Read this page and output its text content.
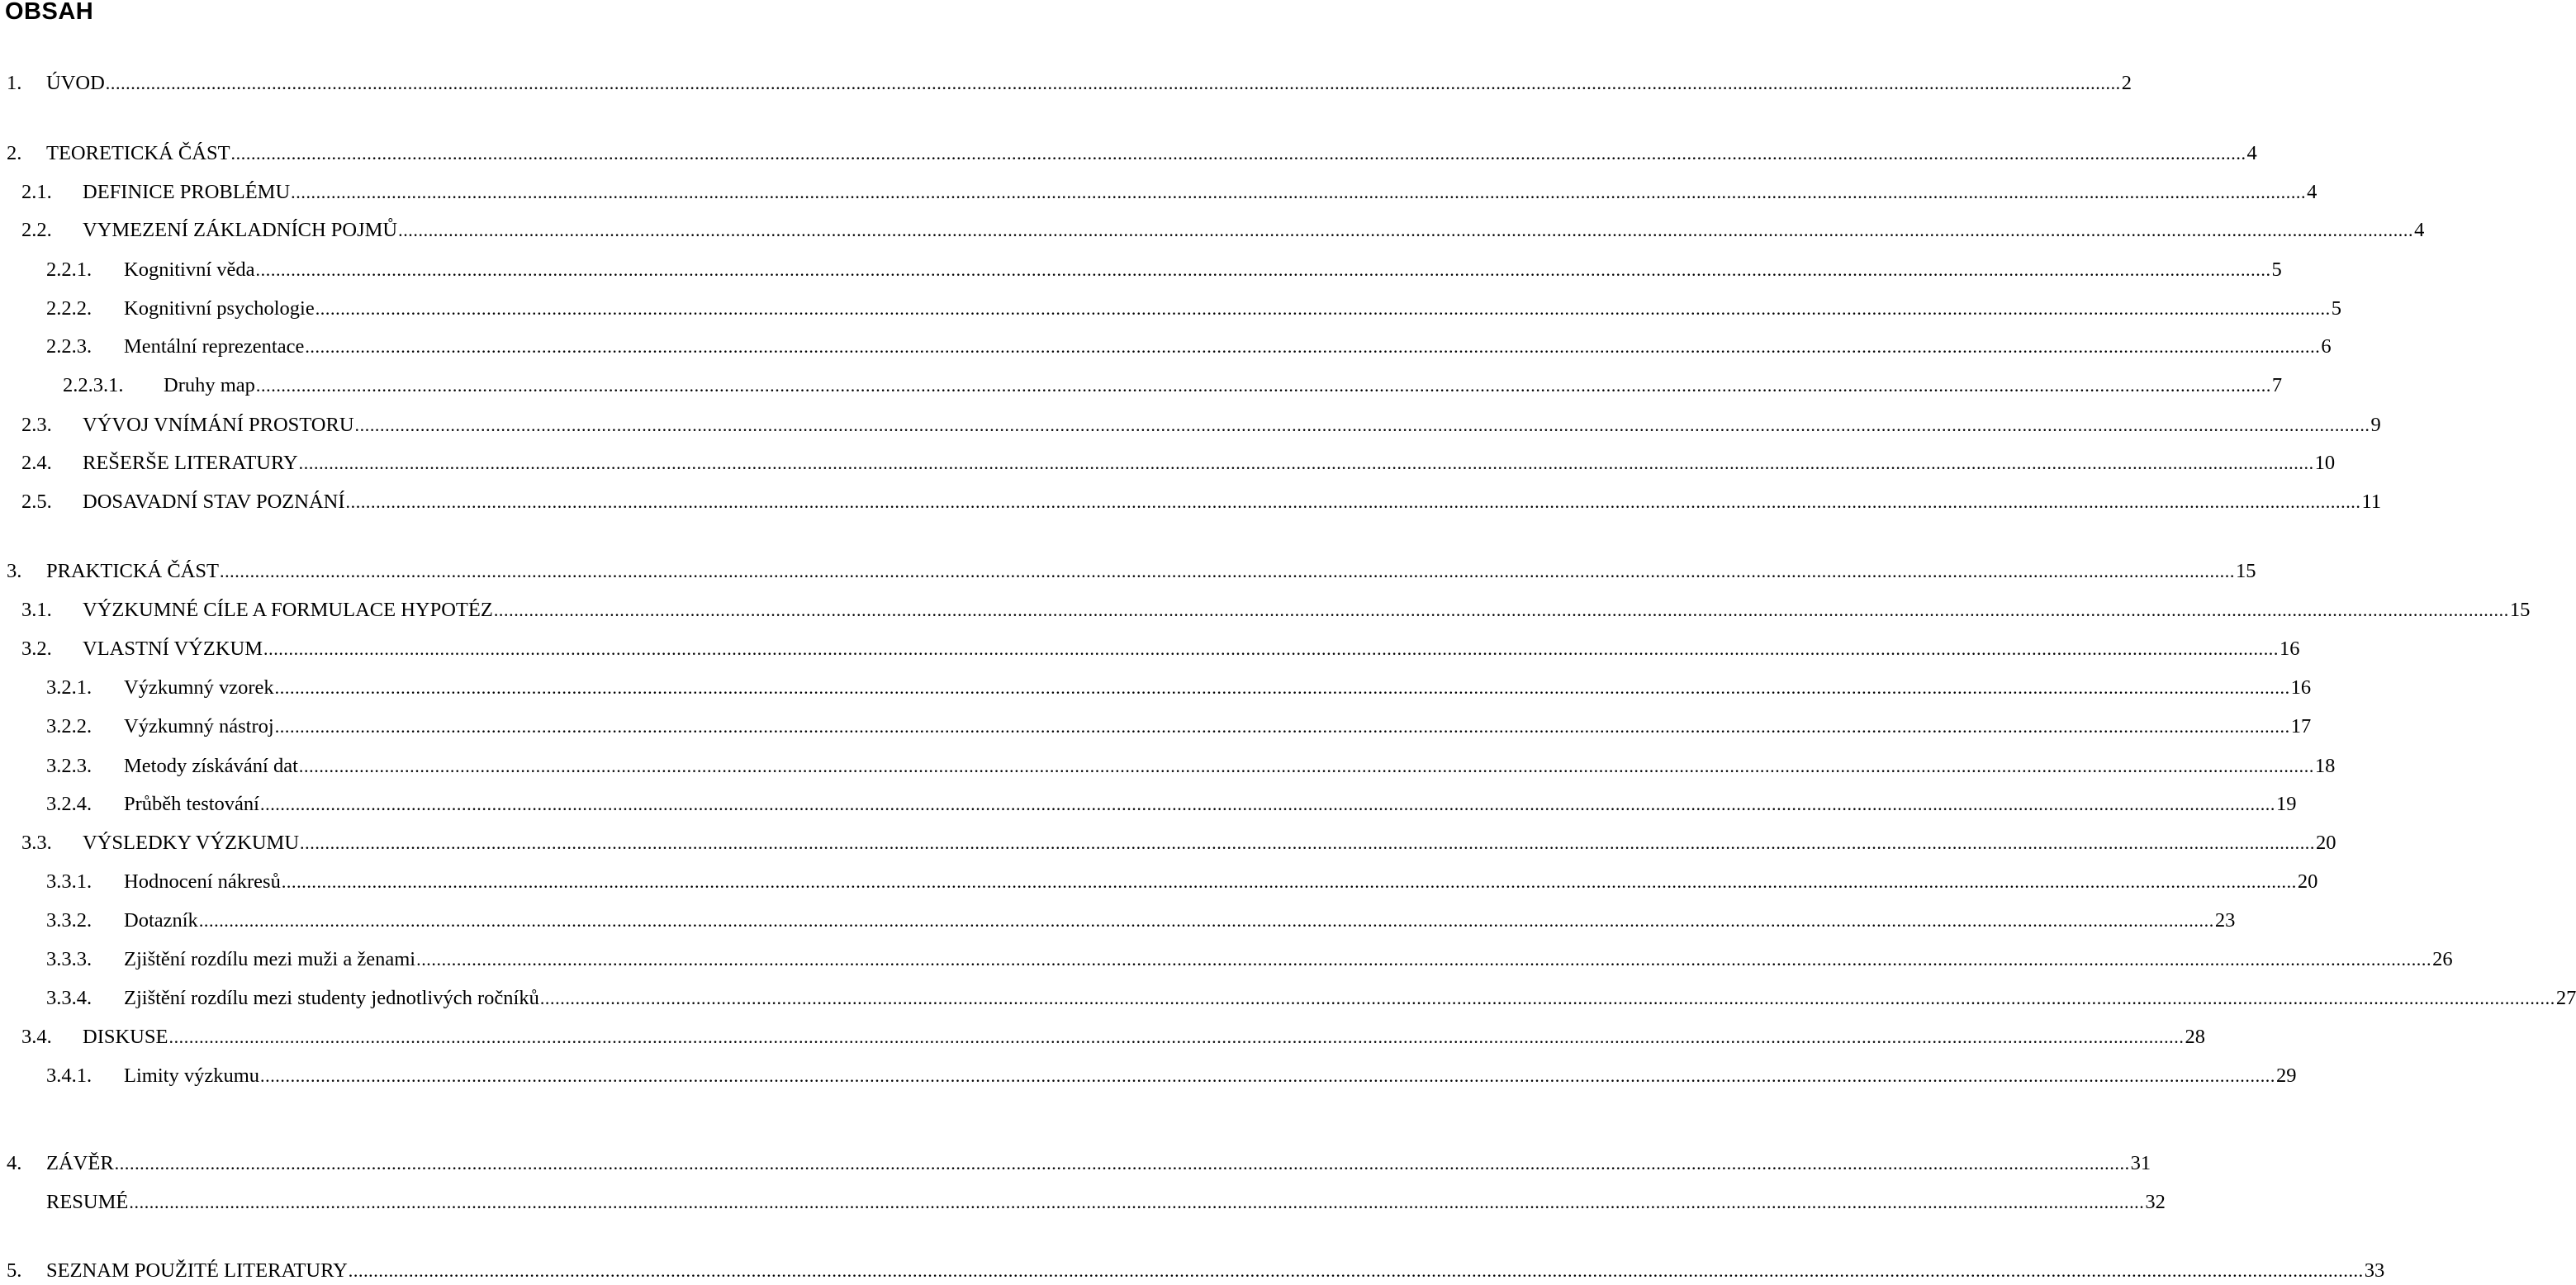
OBSAH
1.	ÚVOD ................................................................................................................................................................................................................................................................................................................................................................................................................ 2
2.	TEORETICKÁ ČÁST ................................................................................................................................................................................................................................................................................................................................................................................................................ 4
2.1.	DEFINICE PROBLÉMU ................................................................................................................................................................................................................................................................................................................................................................................................................ 4
2.2.	VYMEZENÍ ZÁKLADNÍCH POJMŮ ................................................................................................................................................................................................................................................................................................................................................................................................................ 4
2.2.1.	Kognitivní věda ................................................................................................................................................................................................................................................................................................................................................................................................................ 5
2.2.2.	Kognitivní psychologie ................................................................................................................................................................................................................................................................................................................................................................................................................ 5
2.2.3.	Mentální reprezentace ................................................................................................................................................................................................................................................................................................................................................................................................................ 6
2.2.3.1.	Druhy map ................................................................................................................................................................................................................................................................................................................................................................................................................ 7
2.3.	VÝVOJ VNÍMÁNÍ PROSTORU ................................................................................................................................................................................................................................................................................................................................................................................................................ 9
2.4.	REŠERŠE LITERATURY ................................................................................................................................................................................................................................................................................................................................................................................................................ 10
2.5.	DOSAVADNÍ STAV POZNÁNÍ ................................................................................................................................................................................................................................................................................................................................................................................................................ 11
3.	PRAKTICKÁ ČÁST ................................................................................................................................................................................................................................................................................................................................................................................................................ 15
3.1.	VÝZKUMNÉ CÍLE A FORMULACE HYPOTÉZ ................................................................................................................................................................................................................................................................................................................................................................................................................ 15
3.2.	VLASTNÍ VÝZKUM ................................................................................................................................................................................................................................................................................................................................................................................................................ 16
3.2.1.	Výzkumný vzorek ................................................................................................................................................................................................................................................................................................................................................................................................................ 16
3.2.2.	Výzkumný nástroj ................................................................................................................................................................................................................................................................................................................................................................................................................ 17
3.2.3.	Metody získávání dat ................................................................................................................................................................................................................................................................................................................................................................................................................ 18
3.2.4.	Průběh testování ................................................................................................................................................................................................................................................................................................................................................................................................................ 19
3.3.	VÝSLEDKY VÝZKUMU ................................................................................................................................................................................................................................................................................................................................................................................................................ 20
3.3.1.	Hodnocení nákresů ................................................................................................................................................................................................................................................................................................................................................................................................................ 20
3.3.2.	Dotazník ................................................................................................................................................................................................................................................................................................................................................................................................................ 23
3.3.3.	Zjištění rozdílu mezi muži a ženami ................................................................................................................................................................................................................................................................................................................................................................................................................ 26
3.3.4.	Zjištění rozdílu mezi studenty jednotlivých ročníků ................................................................................................................................................................................................................................................................................................................................................................................................................ 27
3.4.	DISKUSE ................................................................................................................................................................................................................................................................................................................................................................................................................ 28
3.4.1.	Limity výzkumu ................................................................................................................................................................................................................................................................................................................................................................................................................ 29
4.	ZÁVĚR ................................................................................................................................................................................................................................................................................................................................................................................................................ 31
RESUMÉ ................................................................................................................................................................................................................................................................................................................................................................................................................ 32
5.	SEZNAM POUŽITÉ LITERATURY ................................................................................................................................................................................................................................................................................................................................................................................................................ 33
